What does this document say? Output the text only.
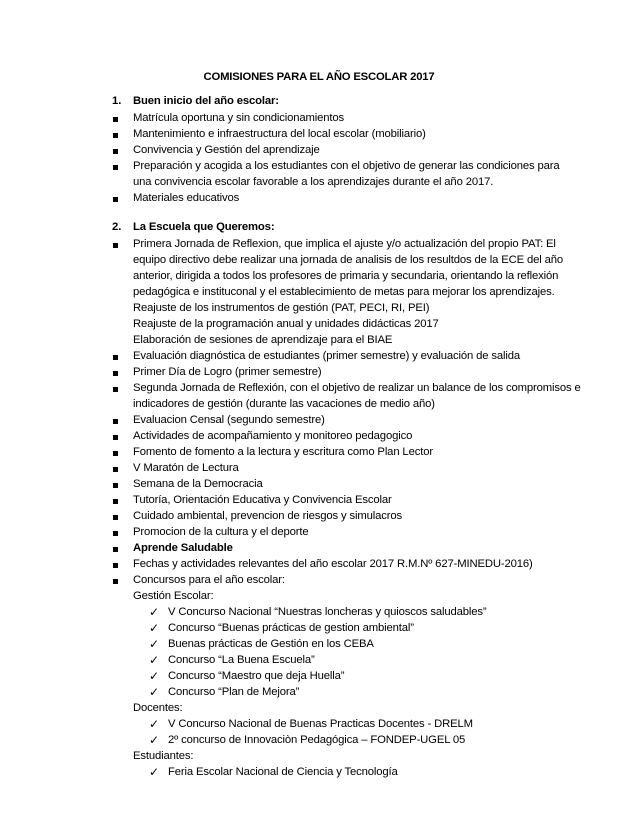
COMISIONES PARA EL AÑO ESCOLAR 2017
1. Buen inicio del año escolar:
Matrícula oportuna y sin condicionamientos
Mantenimiento e infraestructura del local escolar (mobiliario)
Convivencia y Gestión del aprendizaje
Preparación y acogida a los estudiantes con el objetivo de generar las condiciones para
una convivencia escolar favorable a los aprendizajes durante el año 2017.
Materiales educativos
2. La Escuela que Queremos:
Primera Jornada de Reflexion, que implica el ajuste y/o actualización del propio PAT: El
equipo directivo debe realizar una jornada de analisis de los resultdos de la ECE del año
anterior, dirigida a todos los profesores de primaria y secundaria, orientando la reflexión
pedagógica e instituconal y el establecimiento de metas para mejorar los aprendizajes.
Reajuste de los instrumentos de gestión (PAT, PECI, RI, PEI)
Reajuste de la programación anual y unidades didácticas 2017
Elaboración de sesiones de aprendizaje para el BIAE
Evaluación diagnóstica de estudiantes (primer semestre) y evaluación de salida
Primer Día de Logro (primer semestre)
Segunda Jornada de Reflexión, con el objetivo de realizar un balance de los compromisos e
indicadores de gestión (durante las vacaciones de medio año)
Evaluacion Censal (segundo semestre)
Actividades de acompañamiento y monitoreo pedagogico
Fomento de fomento a la lectura y escritura como Plan Lector
V Maratón de Lectura
Semana de la Democracia
Tutoría, Orientación Educativa y Convivencia Escolar
Cuidado ambiental, prevencion de riesgos y simulacros
Promocion de la cultura y el deporte
Aprende Saludable
Fechas y actividades relevantes del año escolar 2017 R.M.Nº 627-MINEDU-2016)
Concursos para el año escolar:
Gestión Escolar:
✓ V Concurso Nacional “Nuestras loncheras y quioscos saludables”
✓ Concurso “Buenas prácticas de gestion ambiental”
✓ Buenas prácticas de Gestión en los CEBA
✓ Concurso “La Buena Escuela”
✓ Concurso “Maestro que deja Huella”
✓ Concurso “Plan de Mejora”
Docentes:
✓ V Concurso Nacional de Buenas Practicas Docentes - DRELM
✓ 2º concurso de Innovaciòn Pedagógica – FONDEP-UGEL 05
Estudiantes:
✓ Feria Escolar Nacional de Ciencia y Tecnología
